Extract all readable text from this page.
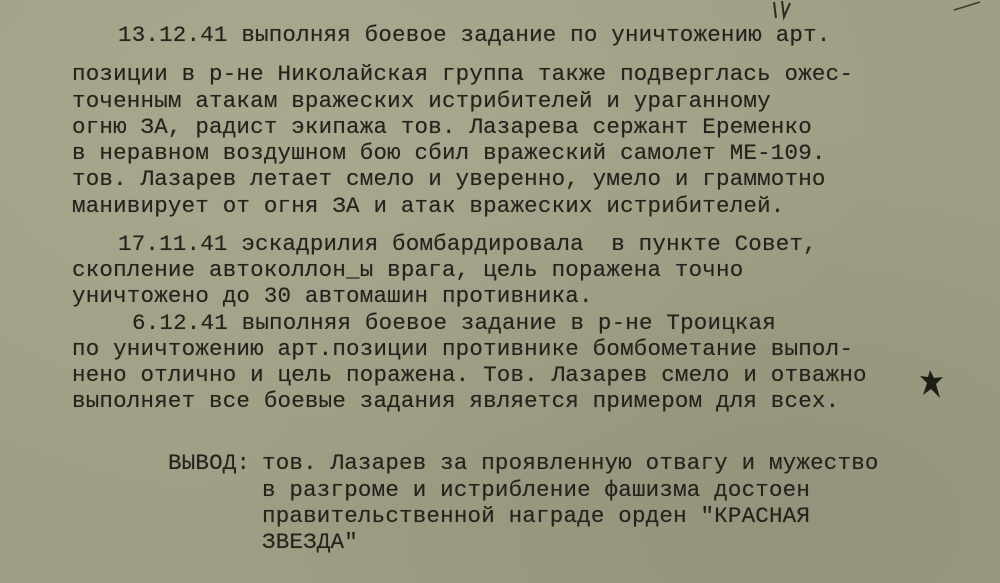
13.12.41 выполняя боевое задание по уничтожению арт.
позиции в р-не Николайская группа также подверглась ожес-
точенным атакам вражеских истрибителей и ураганному
огню ЗА, радист экипажа тов. Лазарева сержант Еременко
в неравном воздушном бою сбил вражеский самолет МЕ-109.
тов. Лазарев летает смело и уверенно, умело и граммотно
манивирует от огня ЗА и атак вражеских истрибителей.
17.11.41 эскадрилия бомбардировала  в пункте Совет,
скопление автоколлон_ы врага, цель поражена точно
уничтожено до 30 автомашин противника.
6.12.41 выполняя боевое задание в р-не Троицкая
по уничтожению арт.позиции противнике бомбометание выпол-
нено отлично и цель поражена. Тов. Лазарев смело и отважно
выполняет все боевые задания является примером для всех.
ВЫВОД: тов. Лазарев за проявленную отвагу и мужество
в разгроме и истрибление фашизма достоен
правительственной награде орден "КРАСНАЯ
ЗВЕЗДА"
